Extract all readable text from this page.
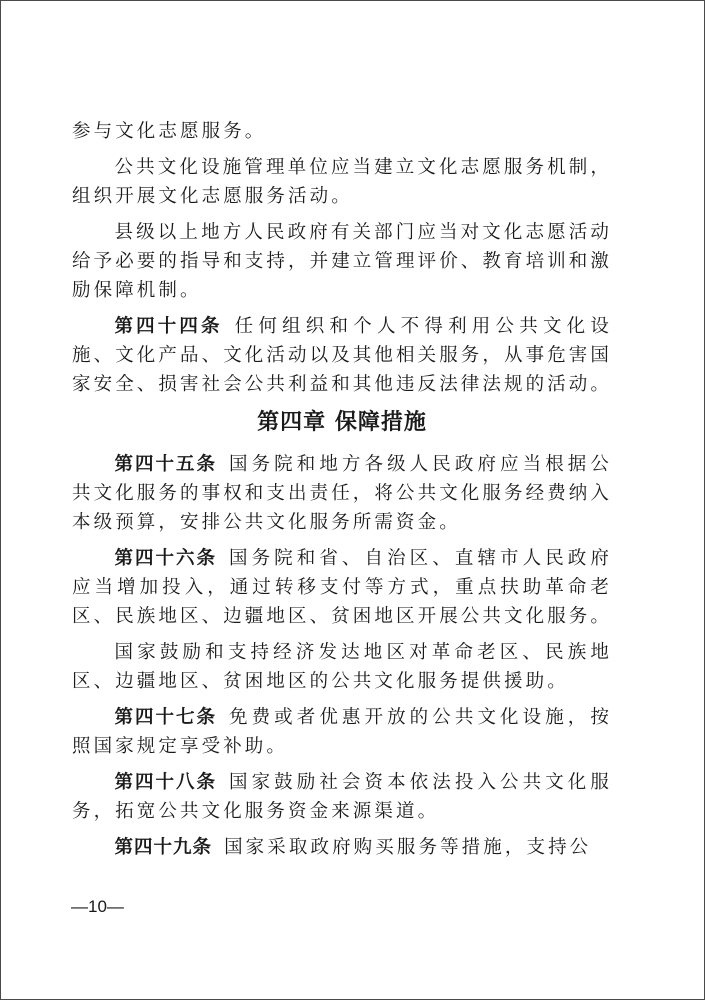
参与文化志愿服务。

公共文化设施管理单位应当建立文化志愿服务机制，组织开展文化志愿服务活动。

县级以上地方人民政府有关部门应当对文化志愿活动给予必要的指导和支持，并建立管理评价、教育培训和激励保障机制。

第四十四条 任何组织和个人不得利用公共文化设施、文化产品、文化活动以及其他相关服务，从事危害国家安全、损害社会公共利益和其他违反法律法规的活动。

第四章 保障措施

第四十五条 国务院和地方各级人民政府应当根据公共文化服务的事权和支出责任，将公共文化服务经费纳入本级预算，安排公共文化服务所需资金。

第四十六条 国务院和省、自治区、直辖市人民政府应当增加投入，通过转移支付等方式，重点扶助革命老区、民族地区、边疆地区、贫困地区开展公共文化服务。

国家鼓励和支持经济发达地区对革命老区、民族地区、边疆地区、贫困地区的公共文化服务提供援助。

第四十七条 免费或者优惠开放的公共文化设施，按照国家规定享受补助。

第四十八条 国家鼓励社会资本依法投入公共文化服务，拓宽公共文化服务资金来源渠道。

第四十九条 国家采取政府购买服务等措施，支持公

—10—
